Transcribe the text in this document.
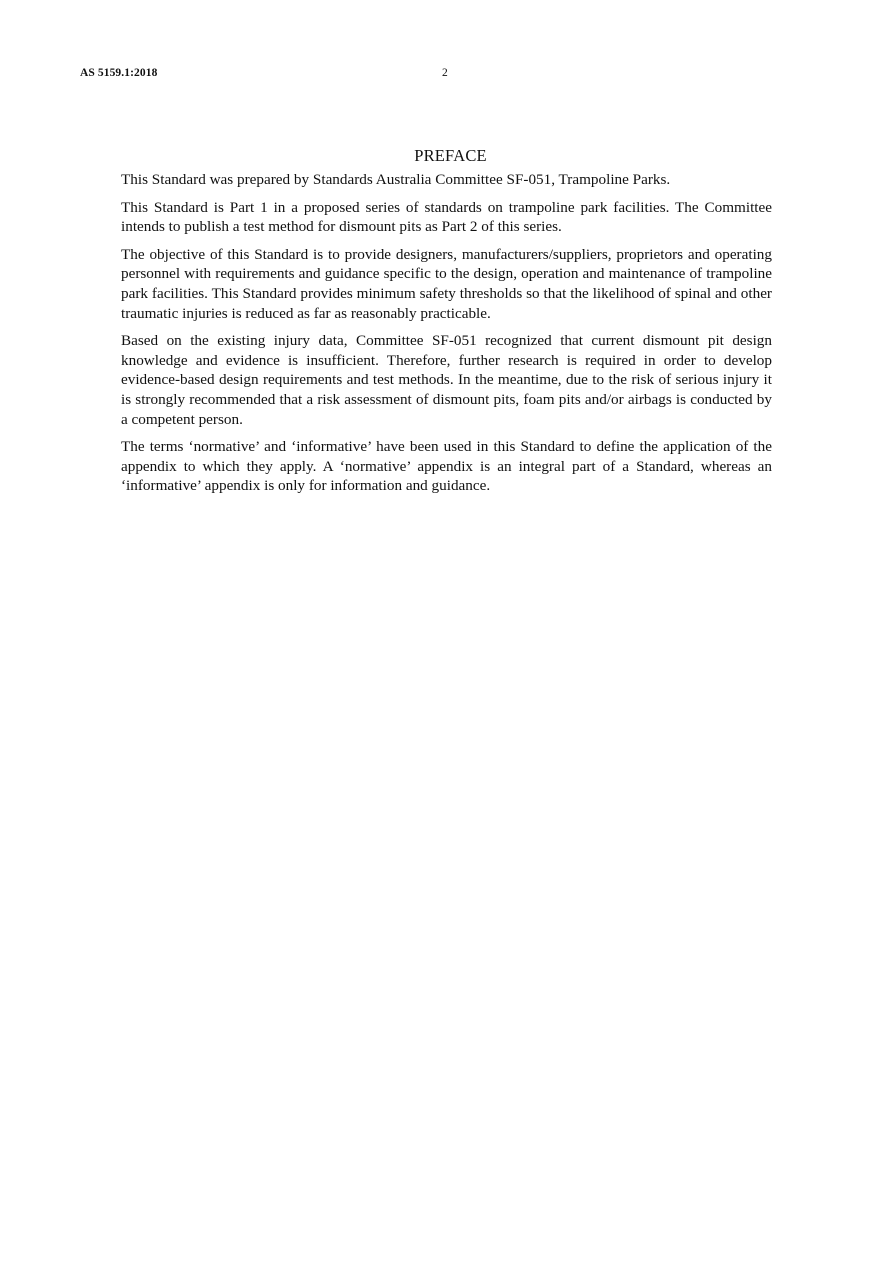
AS 5159.1:2018	2
PREFACE

This Standard was prepared by Standards Australia Committee SF-051, Trampoline Parks.

This Standard is Part 1 in a proposed series of standards on trampoline park facilities. The Committee intends to publish a test method for dismount pits as Part 2 of this series.

The objective of this Standard is to provide designers, manufacturers/suppliers, proprietors and operating personnel with requirements and guidance specific to the design, operation and maintenance of trampoline park facilities. This Standard provides minimum safety thresholds so that the likelihood of spinal and other traumatic injuries is reduced as far as reasonably practicable.

Based on the existing injury data, Committee SF-051 recognized that current dismount pit design knowledge and evidence is insufficient. Therefore, further research is required in order to develop evidence-based design requirements and test methods. In the meantime, due to the risk of serious injury it is strongly recommended that a risk assessment of dismount pits, foam pits and/or airbags is conducted by a competent person.

The terms ‘normative’ and ‘informative’ have been used in this Standard to define the application of the appendix to which they apply. A ‘normative’ appendix is an integral part of a Standard, whereas an ‘informative’ appendix is only for information and guidance.
